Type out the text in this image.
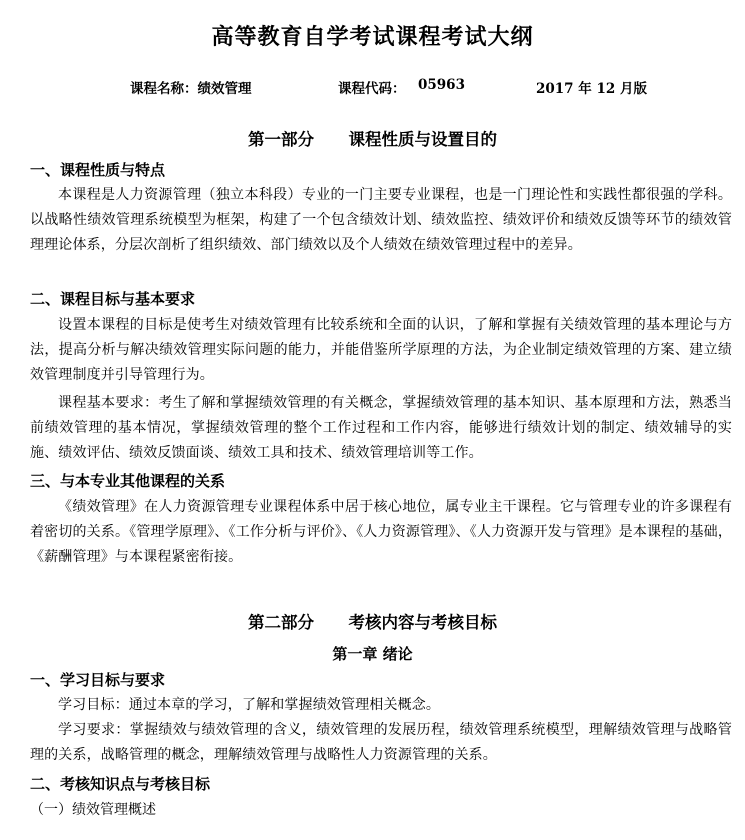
高等教育自学考试课程考试大纲
课程名称：绩效管理	课程代码： 05963	2017 年 12 月版
第一部分      课程性质与设置目的
一、课程性质与特点
本课程是人力资源管理（独立本科段）专业的一门主要专业课程，也是一门理论性和实践性都很强的学科。以战略性绩效管理系统模型为框架，构建了一个包含绩效计划、绩效监控、绩效评价和绩效反馈等环节的绩效管理理论体系，分层次剖析了组织绩效、部门绩效以及个人绩效在绩效管理过程中的差异。
二、课程目标与基本要求
设置本课程的目标是使考生对绩效管理有比较系统和全面的认识，了解和掌握有关绩效管理的基本理论与方法，提高分析与解决绩效管理实际问题的能力，并能借鉴所学原理的方法，为企业制定绩效管理的方案、建立绩效管理制度并引导管理行为。
课程基本要求：考生了解和掌握绩效管理的有关概念，掌握绩效管理的基本知识、基本原理和方法，熟悉当前绩效管理的基本情况，掌握绩效管理的整个工作过程和工作内容，能够进行绩效计划的制定、绩效辅导的实施、绩效评估、绩效反馈面谈、绩效工具和技术、绩效管理培训等工作。
三、与本专业其他课程的关系
《绩效管理》在人力资源管理专业课程体系中居于核心地位，属专业主干课程。它与管理专业的许多课程有着密切的关系。《管理学原理》、《工作分析与评价》、《人力资源管理》、《人力资源开发与管理》是本课程的基础，《薪酬管理》与本课程紧密衔接。
第二部分      考核内容与考核目标
第一章 绪论
一、学习目标与要求
学习目标：通过本章的学习，了解和掌握绩效管理相关概念。
学习要求：掌握绩效与绩效管理的含义，绩效管理的发展历程，绩效管理系统模型，理解绩效管理与战略管理的关系，战略管理的概念，理解绩效管理与战略性人力资源管理的关系。
二、考核知识点与考核目标
（一）绩效管理概述
